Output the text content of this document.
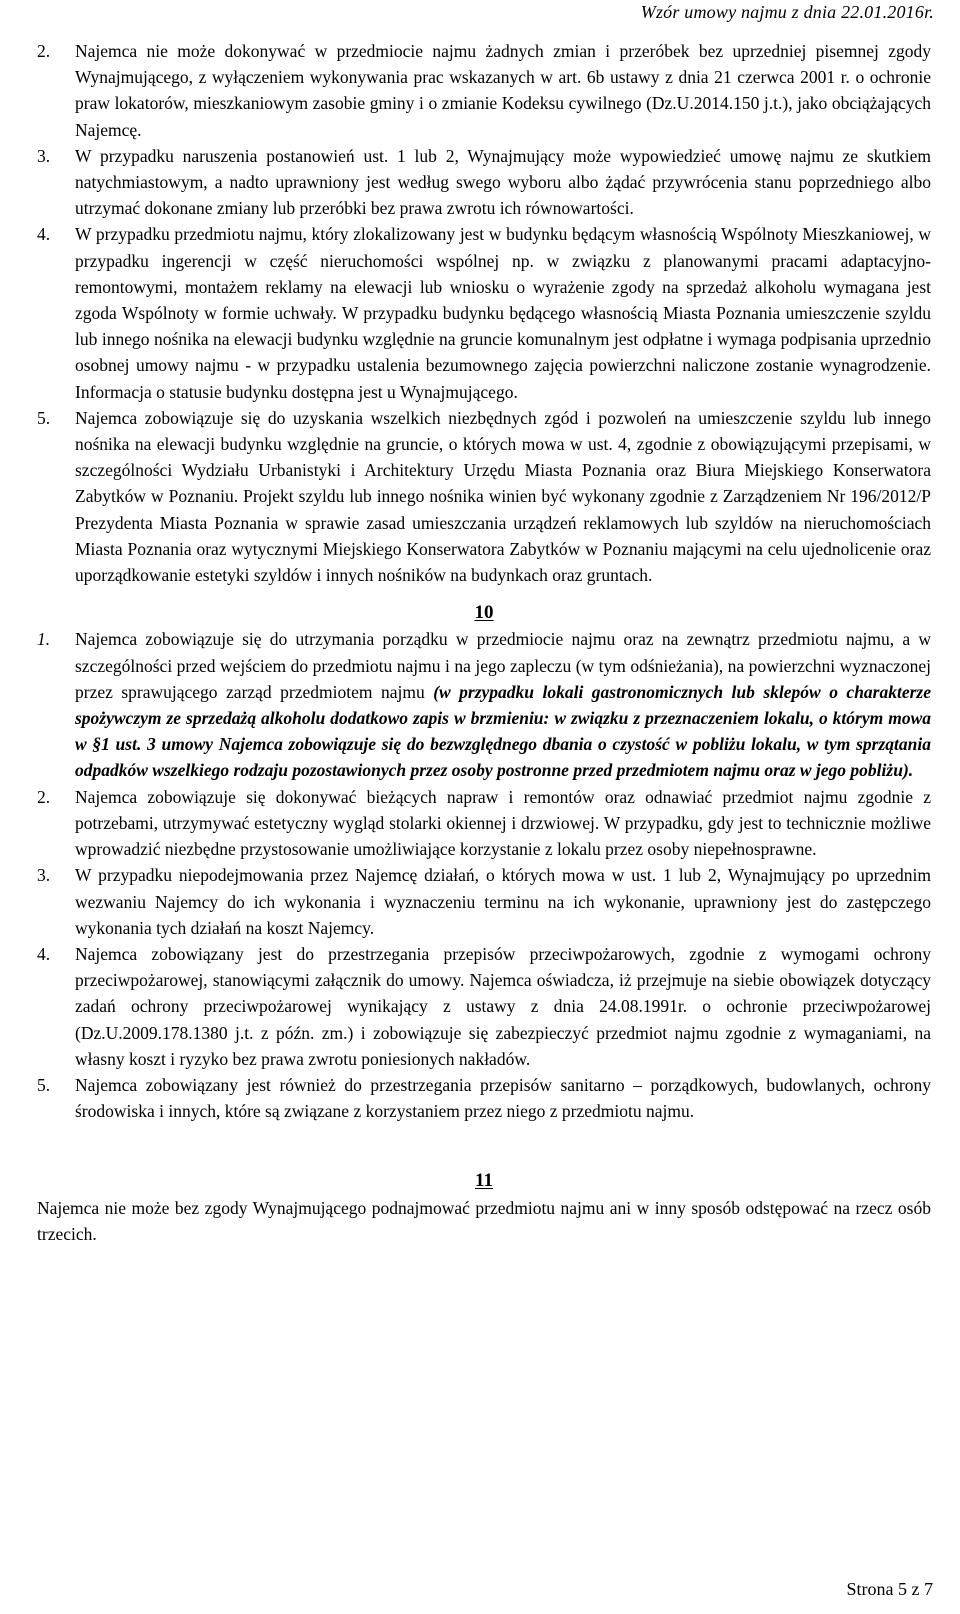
Wzór umowy najmu z dnia 22.01.2016r.
2. Najemca nie może dokonywać w przedmiocie najmu żadnych zmian i przeróbek bez uprzedniej pisemnej zgody Wynajmującego, z wyłączeniem wykonywania prac wskazanych w art. 6b ustawy z dnia 21 czerwca 2001 r. o ochronie praw lokatorów, mieszkaniowym zasobie gminy i o zmianie Kodeksu cywilnego (Dz.U.2014.150 j.t.), jako obciążających Najemcę.
3. W przypadku naruszenia postanowień ust. 1 lub 2, Wynajmujący może wypowiedzieć umowę najmu ze skutkiem natychmiastowym, a nadto uprawniony jest według swego wyboru albo żądać przywrócenia stanu poprzedniego albo utrzymać dokonane zmiany lub przeróbki bez prawa zwrotu ich równowartości.
4. W przypadku przedmiotu najmu, który zlokalizowany jest w budynku będącym własnością Wspólnoty Mieszkaniowej, w przypadku ingerencji w część nieruchomości wspólnej np. w związku z planowanymi pracami adaptacyjno-remontowymi, montażem reklamy na elewacji lub wniosku o wyrażenie zgody na sprzedaż alkoholu wymagana jest zgoda Wspólnoty w formie uchwały. W przypadku budynku będącego własnością Miasta Poznania umieszczenie szyldu lub innego nośnika na elewacji budynku względnie na gruncie komunalnym jest odpłatne i wymaga podpisania uprzednio osobnej umowy najmu - w przypadku ustalenia bezumownego zajęcia powierzchni naliczone zostanie wynagrodzenie. Informacja o statusie budynku dostępna jest u Wynajmującego.
5. Najemca zobowiązuje się do uzyskania wszelkich niezbędnych zgód i pozwoleń na umieszczenie szyldu lub innego nośnika na elewacji budynku względnie na gruncie, o których mowa w ust. 4, zgodnie z obowiązującymi przepisami, w szczególności Wydziału Urbanistyki i Architektury Urzędu Miasta Poznania oraz Biura Miejskiego Konserwatora Zabytków w Poznaniu. Projekt szyldu lub innego nośnika winien być wykonany zgodnie z Zarządzeniem Nr 196/2012/P Prezydenta Miasta Poznania w sprawie zasad umieszczania urządzeń reklamowych lub szyldów na nieruchomościach Miasta Poznania oraz wytycznymi Miejskiego Konserwatora Zabytków w Poznaniu mającymi na celu ujednolicenie oraz uporządkowanie estetyki szyldów i innych nośników na budynkach oraz gruntach.
10
1. Najemca zobowiązuje się do utrzymania porządku w przedmiocie najmu oraz na zewnątrz przedmiotu najmu, a w szczególności przed wejściem do przedmiotu najmu i na jego zapleczu (w tym odśnieżania), na powierzchni wyznaczonej przez sprawującego zarząd przedmiotem najmu (w przypadku lokali gastronomicznych lub sklepów o charakterze spożywczym ze sprzedażą alkoholu dodatkowo zapis w brzmieniu: w związku z przeznaczeniem lokalu, o którym mowa w §1 ust. 3 umowy Najemca zobowiązuje się do bezwzględnego dbania o czystość w pobliżu lokalu, w tym sprzątania odpadków wszelkiego rodzaju pozostawionych przez osoby postronne przed przedmiotem najmu oraz w jego pobliżu).
2. Najemca zobowiązuje się dokonywać bieżących napraw i remontów oraz odnawiać przedmiot najmu zgodnie z potrzebami, utrzymywać estetyczny wygląd stolarki okiennej i drzwiowej. W przypadku, gdy jest to technicznie możliwe wprowadzić niezbędne przystosowanie umożliwiające korzystanie z lokalu przez osoby niepełnosprawne.
3. W przypadku niepodejmowania przez Najemcę działań, o których mowa w ust. 1 lub 2, Wynajmujący po uprzednim wezwaniu Najemcy do ich wykonania i wyznaczeniu terminu na ich wykonanie, uprawniony jest do zastępczego wykonania tych działań na koszt Najemcy.
4. Najemca zobowiązany jest do przestrzegania przepisów przeciwpożarowych, zgodnie z wymogami ochrony przeciwpożarowej, stanowiącymi załącznik do umowy. Najemca oświadcza, iż przejmuje na siebie obowiązek dotyczący zadań ochrony przeciwpożarowej wynikający z ustawy z dnia 24.08.1991r. o ochronie przeciwpożarowej (Dz.U.2009.178.1380 j.t. z późn. zm.) i zobowiązuje się zabezpieczyć przedmiot najmu zgodnie z wymaganiami, na własny koszt i ryzyko bez prawa zwrotu poniesionych nakładów.
5. Najemca zobowiązany jest również do przestrzegania przepisów sanitarno – porządkowych, budowlanych, ochrony środowiska i innych, które są związane z korzystaniem przez niego z przedmiotu najmu.
11
Najemca nie może bez zgody Wynajmującego podnajmować przedmiotu najmu ani w inny sposób odstępować na rzecz osób trzecich.
Strona 5 z 7
